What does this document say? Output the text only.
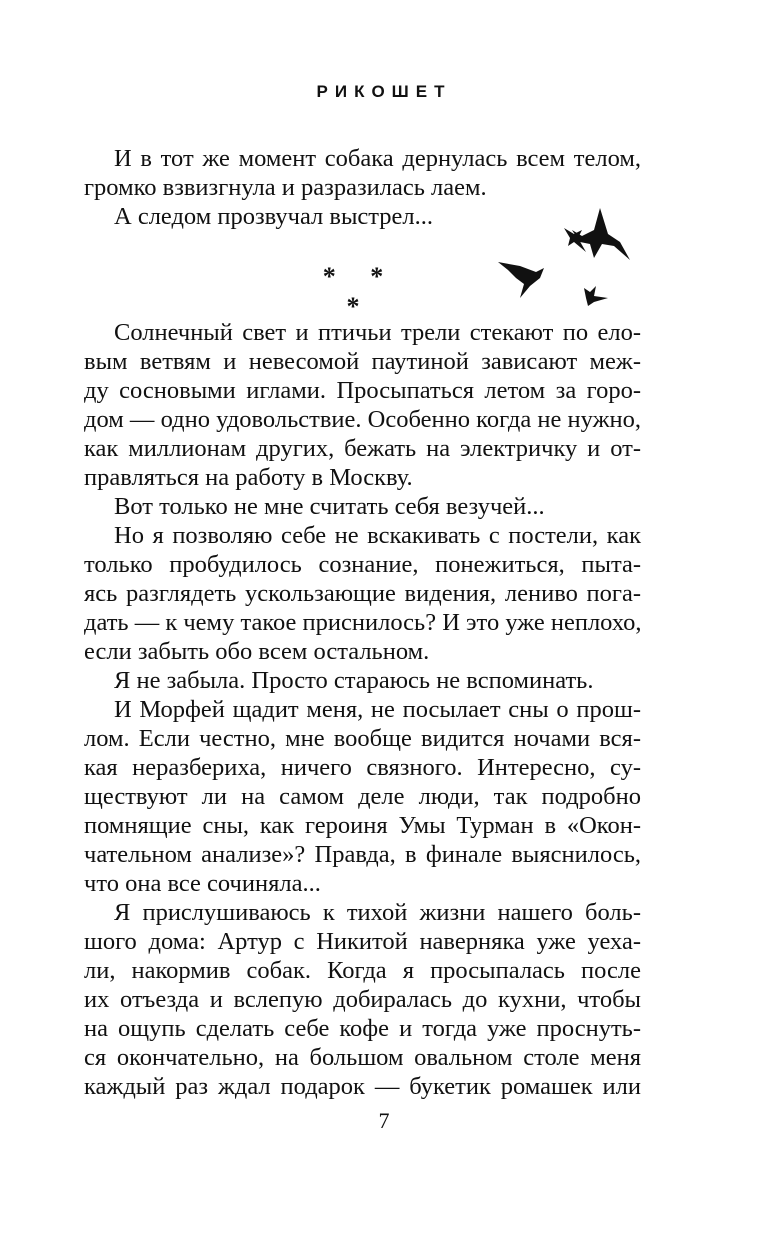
РИКОШЕТ
И в тот же момент собака дернулась всем телом,
громко взвизгнула и разразилась лаем.
А следом прозвучал выстрел...
* * *
Солнечный свет и птичьи трели стекают по ело-
вым ветвям и невесомой паутиной зависают меж-
ду сосновыми иглами. Просыпаться летом за горо-
дом — одно удовольствие. Особенно когда не нужно,
как миллионам других, бежать на электричку и от-
правляться на работу в Москву.
Вот только не мне считать себя везучей...
Но я позволяю себе не вскакивать с постели, как
только пробудилось сознание, понежиться, пыта-
ясь разглядеть ускользающие видения, лениво пога-
дать — к чему такое приснилось? И это уже неплохо,
если забыть обо всем остальном.
Я не забыла. Просто стараюсь не вспоминать.
И Морфей щадит меня, не посылает сны о прош-
лом. Если честно, мне вообще видится ночами вся-
кая неразбериха, ничего связного. Интересно, су-
ществуют ли на самом деле люди, так подробно
помнящие сны, как героиня Умы Турман в «Окон-
чательном анализе»? Правда, в финале выяснилось,
что она все сочиняла...
Я прислушиваюсь к тихой жизни нашего боль-
шого дома: Артур с Никитой наверняка уже уеха-
ли, накормив собак. Когда я просыпалась после
их отъезда и вслепую добиралась до кухни, чтобы
на ощупь сделать себе кофе и тогда уже проснуть-
ся окончательно, на большом овальном столе меня
каждый раз ждал подарок — букетик ромашек или
7
